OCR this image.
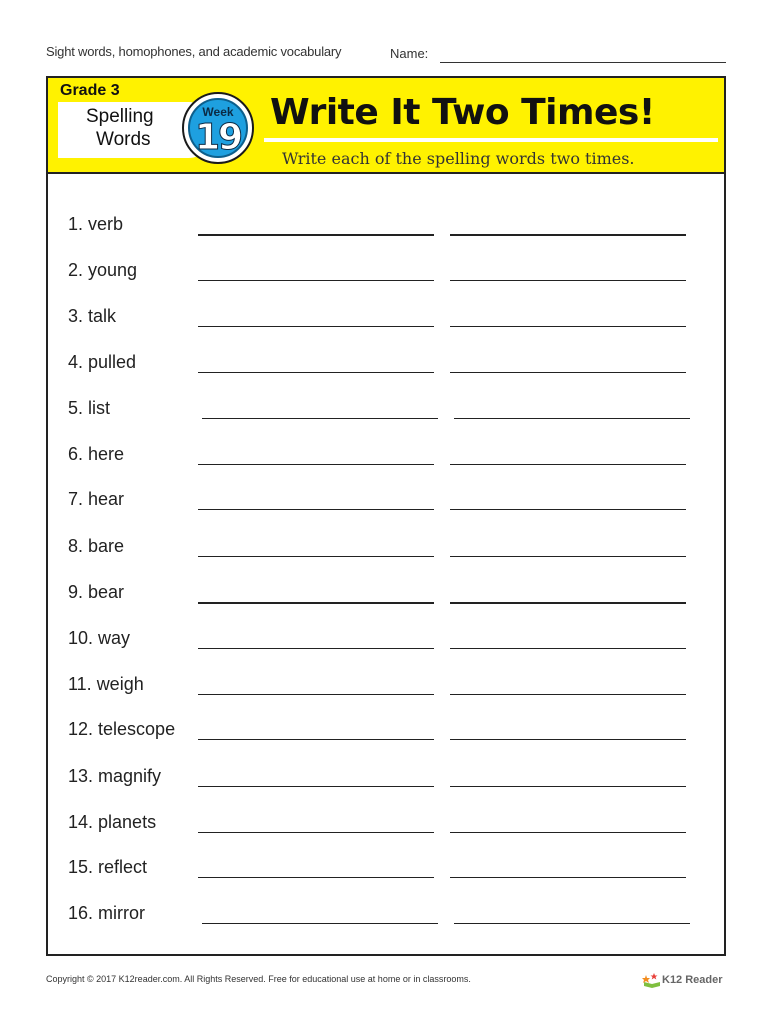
Sight words, homophones, and academic vocabulary	Name:
Grade 3
Spelling
Words
Week
19
Write It Two Times!
Write each of the spelling words two times.
1. verb
2. young
3. talk
4. pulled
5. list
6. here
7. hear
8. bare
9. bear
10. way
11. weigh
12. telescope
13. magnify
14. planets
15. reflect
16. mirror
Copyright © 2017 K12reader.com. All Rights Reserved. Free for educational use at home or in classrooms.	K12 Reader
